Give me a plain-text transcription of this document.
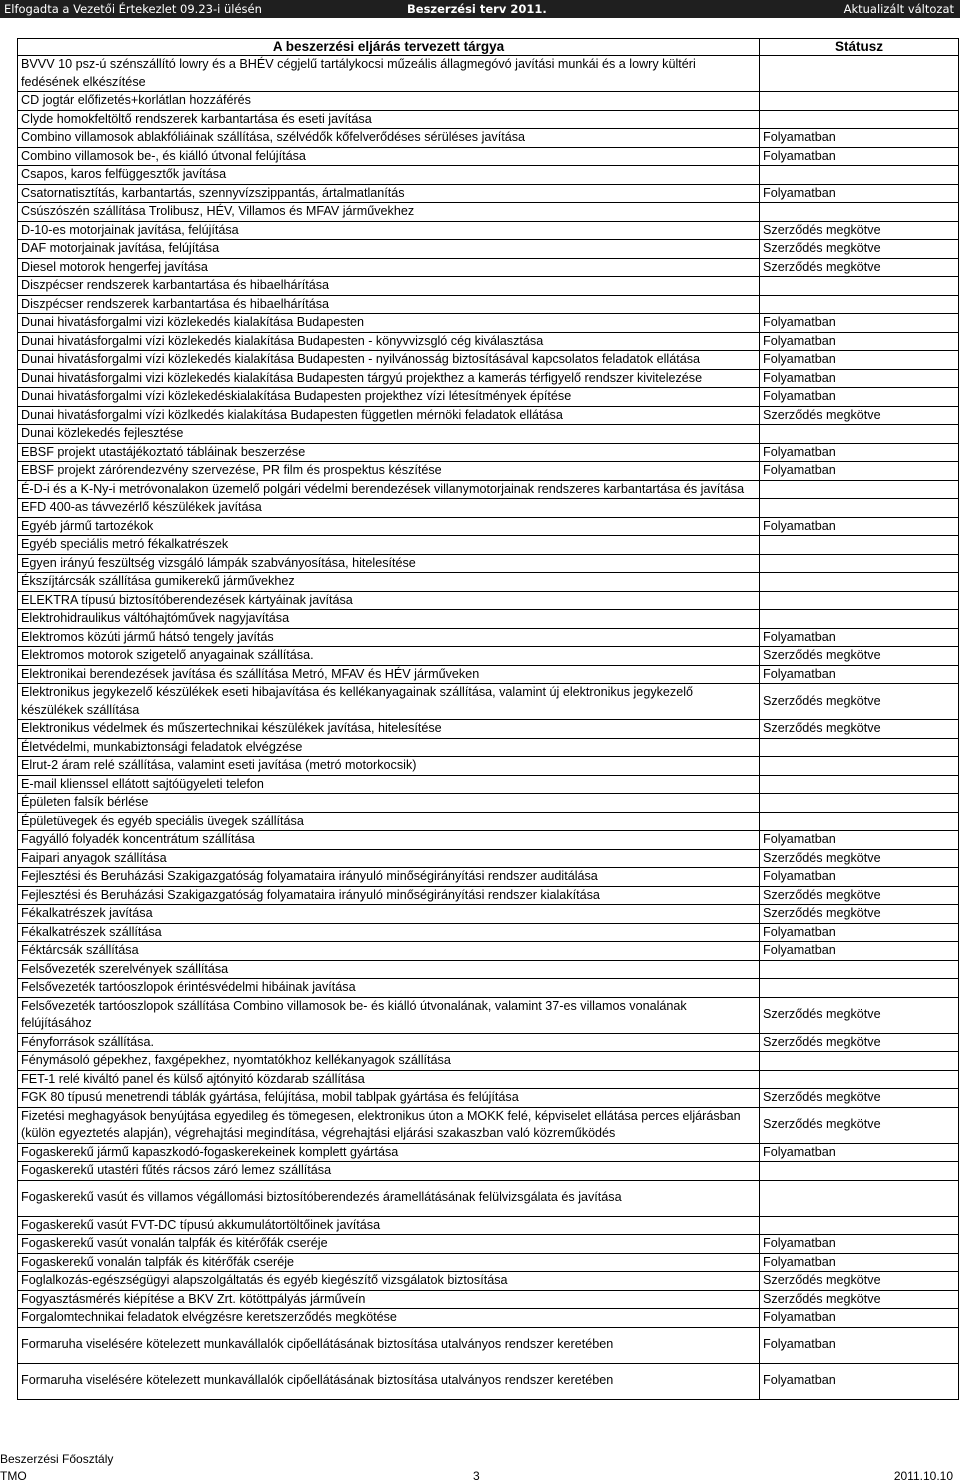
Elfogadta a Vezetői Értekezlet 09.23-i ülésén	Beszerzési terv 2011.	Aktualizált változat
A beszerzési eljárás tervezett tárgya	Státusz
BVVV 10 psz-ú szénszállító lowry és a BHÉV cégjelű tartálykocsi műzeális állagmegóvó javítási munkái és a lowry kültéri fedésének elkészítése	
CD jogtár előfizetés+korlátlan hozzáférés	
Clyde homokfeltöltő rendszerek karbantartása és eseti javítása	
Combino villamosok ablakfóliáinak szállítása, szélvédők kőfelverődéses sérüléses javítása	Folyamatban
Combino villamosok be-, és kiálló útvonal felújítása	Folyamatban
Csapos, karos felfüggesztők javítása	
Csatornatisztítás, karbantartás, szennyvízszippantás, ártalmatlanítás	Folyamatban
Csúszószén szállítása Trolibusz, HÉV, Villamos és MFAV járművekhez	
D-10-es motorjainak javítása, felújítása	Szerződés megkötve
DAF motorjainak javítása, felújítása	Szerződés megkötve
Diesel motorok hengerfej javítása	Szerződés megkötve
Diszpécser rendszerek karbantartása és hibaelhárítása	
Diszpécser rendszerek karbantartása és hibaelhárítása	
Dunai hivatásforgalmi vizi közlekedés kialakítása Budapesten	Folyamatban
Dunai hivatásforgalmi vízi közlekedés kialakítása Budapesten - könyvvizsgló cég kiválasztása	Folyamatban
Dunai hivatásforgalmi vízi közlekedés kialakítása Budapesten - nyilvánosság biztosításával kapcsolatos feladatok ellátása	Folyamatban
Dunai hivatásforgalmi vizi közlekedés kialakítása Budapesten tárgyú projekthez a kamerás térfigyelő rendszer kivitelezése	Folyamatban
Dunai hivatásforgalmi vízi közlekedéskialakítása Budapesten projekthez vízi létesítmények építése	Folyamatban
Dunai hivatásforgalmi vízi közlkedés kialakítása Budapesten független mérnöki feladatok ellátása	Szerződés megkötve
Dunai közlekedés fejlesztése	
EBSF projekt utastájékoztató tábláinak beszerzése	Folyamatban
EBSF projekt zárórendezvény szervezése, PR film és prospektus készítése	Folyamatban
É-D-i és a K-Ny-i metróvonalakon üzemelő polgári védelmi berendezések villanymotorjainak rendszeres karbantartása és javítása	
EFD 400-as távvezérlő készülékek javítása	
Egyéb jármű tartozékok	Folyamatban
Egyéb speciális metró fékalkatrészek	
Egyen irányú feszültség vizsgáló lámpák szabványosítása, hitelesítése	
Ékszíjtárcsák szállítása gumikerekű járművekhez	
ELEKTRA típusú biztosítóberendezések kártyáinak javítása	
Elektrohidraulikus váltóhajtóművek nagyjavítása	
Elektromos közúti jármű hátsó tengely javítás	Folyamatban
Elektromos motorok szigetelő anyagainak szállítása.	Szerződés megkötve
Elektronikai berendezések javítása és szállítása Metró, MFAV és HÉV járműveken	Folyamatban
Elektronikus jegykezelő készülékek eseti hibajavítása és kellékanyagainak szállítása, valamint új elektronikus jegykezelő készülékek szállítása	Szerződés megkötve
Elektronikus védelmek és műszertechnikai készülékek javítása, hitelesítése	Szerződés megkötve
Életvédelmi, munkabiztonsági feladatok elvégzése	
Elrut-2 áram relé szállítása, valamint eseti javítása (metró motorkocsik)	
E-mail klienssel ellátott sajtóügyeleti telefon	
Épületen falsík bérlése	
Épületüvegek és egyéb speciális üvegek szállítása	
Fagyálló folyadék koncentrátum szállítása	Folyamatban
Faipari anyagok szállítása	Szerződés megkötve
Fejlesztési és Beruházási Szakigazgatóság folyamataira irányuló minőségirányítási rendszer auditálása	Folyamatban
Fejlesztési és Beruházási Szakigazgatóság folyamataira irányuló minőségirányítási rendszer kialakítása	Szerződés megkötve
Fékalkatrészek javítása	Szerződés megkötve
Fékalkatrészek szállítása	Folyamatban
Féktárcsák szállítása	Folyamatban
Felsővezeték szerelvények szállítása	
Felsővezeték tartóoszlopok érintésvédelmi hibáinak javítása	
Felsővezeték tartóoszlopok szállítása Combino villamosok be- és kiálló útvonalának, valamint 37-es villamos vonalának felújításához	Szerződés megkötve
Fényforrások szállítása.	Szerződés megkötve
Fénymásoló gépekhez, faxgépekhez, nyomtatókhoz kellékanyagok szállítása	
FET-1 relé kiváltó panel és külső ajtónyitó közdarab szállítása	
FGK 80 típusú menetrendi táblák gyártása, felújítása, mobil tablpak gyártása és felújítása	Szerződés megkötve
Fizetési meghagyások benyújtása egyedileg és tömegesen, elektronikus úton a MOKK felé, képviselet ellátása perces eljárásban (külön egyeztetés alapján), végrehajtási megindítása, végrehajtási eljárási szakaszban való közreműködés	Szerződés megkötve
Fogaskerekű jármű kapaszkodó-fogaskerekeinek komplett gyártása	Folyamatban
Fogaskerekű utastéri fűtés rácsos záró lemez szállítása	
Fogaskerekű vasút és villamos végállomási biztosítóberendezés áramellátásának felülvizsgálata és javítása	
Fogaskerekű vasút FVT-DC típusú akkumulátortöltőinek javítása	
Fogaskerekű vasút vonalán talpfák és kitérőfák cseréje	Folyamatban
Fogaskerekű vonalán talpfák és kitérőfák cseréje	Folyamatban
Foglalkozás-egészségügyi alapszolgáltatás és egyéb kiegészítő vizsgálatok biztosítása	Szerződés megkötve
Fogyasztásmérés kiépítése a BKV Zrt. kötöttpályás járműveín	Szerződés megkötve
Forgalomtechnikai feladatok elvégzésre keretszerződés megkötése	Folyamatban
Formaruha viselésére kötelezett munkavállalók cipőellátásának biztosítása utalványos rendszer keretében	Folyamatban
Formaruha viselésére kötelezett munkavállalók cipőellátásának biztosítása utalványos rendszer keretében	Folyamatban
Beszerzési Főosztály
TMO	3	2011.10.10
